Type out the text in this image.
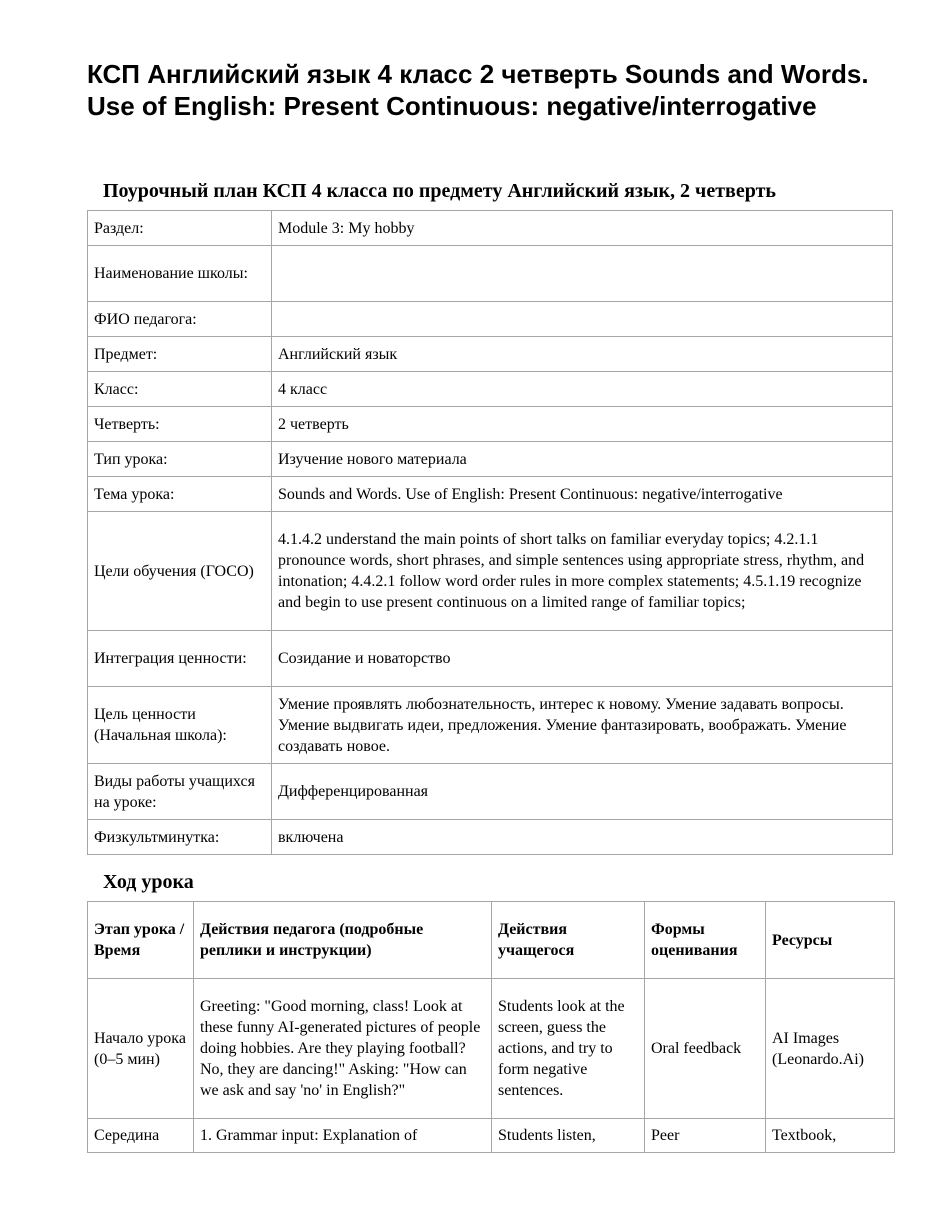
КСП Английский язык 4 класс 2 четверть Sounds and Words. Use of English: Present Continuous: negative/interrogative
Поурочный план КСП 4 класса по предмету Английский язык, 2 четверть
Раздел:	Module 3: My hobby
Наименование школы:	
ФИО педагога:	
Предмет:	Английский язык
Класс:	4 класс
Четверть:	2 четверть
Тип урока:	Изучение нового материала
Тема урока:	Sounds and Words. Use of English: Present Continuous: negative/interrogative
Цели обучения (ГОСО)	4.1.4.2 understand the main points of short talks on familiar everyday topics; 4.2.1.1 pronounce words, short phrases, and simple sentences using appropriate stress, rhythm, and intonation; 4.4.2.1 follow word order rules in more complex statements; 4.5.1.19 recognize and begin to use present continuous on a limited range of familiar topics;
Интеграция ценности:	Созидание и новаторство
Цель ценности (Начальная школа):	Умение проявлять любознательность, интерес к новому. Умение задавать вопросы. Умение выдвигать идеи, предложения. Умение фантазировать, воображать. Умение создавать новое.
Виды работы учащихся на уроке:	Дифференцированная
Физкультминутка:	включена
Ход урока
Этап урока / Время	Действия педагога (подробные реплики и инструкции)	Действия учащегося	Формы оценивания	Ресурсы
Начало урока (0–5 мин)	Greeting: "Good morning, class! Look at these funny AI-generated pictures of people doing hobbies. Are they playing football? No, they are dancing!" Asking: "How can we ask and say 'no' in English?"	Students look at the screen, guess the actions, and try to form negative sentences.	Oral feedback	AI Images (Leonardo.Ai)
Середина	1. Grammar input: Explanation of	Students listen,	Peer	Textbook,
